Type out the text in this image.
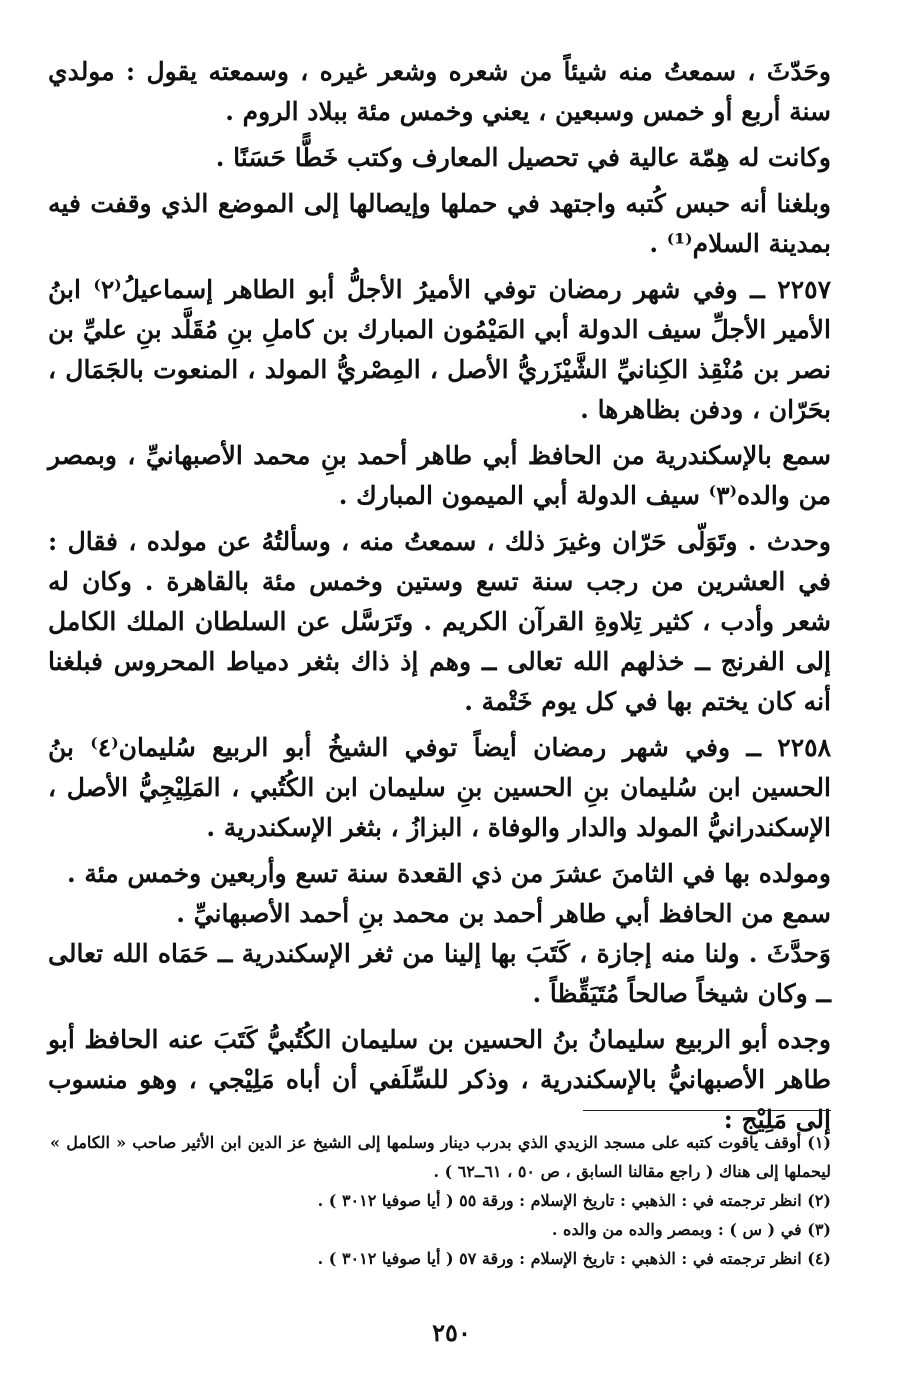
وحَدّثَ ، سمعتُ منه شيئاً من شعره وشعر غيره ، وسمعته يقول : مولدي سنة أربع أو خمس وسبعين ، يعني وخمس مئة ببلاد الروم .

وكانت له هِمّة عالية في تحصيل المعارف وكتب خَطًّا حَسَنًا .

وبلغنا أنه حبس كُتبه واجتهد في حملها وإيصالها إلى الموضع الذي وقفت فيه بمدينة السلام⁽¹⁾ .

٢٢٥٧ ــ وفي شهر رمضان توفي الأميرُ الأجلُّ أبو الطاهر إسماعيلُ⁽٢⁾ ابنُ الأمير الأجلِّ سيف الدولة أبي المَيْمُون المبارك بن كاملِ بنِ مُقَلَّد بنِ عليِّ بن نصر بن مُنْقِذ الكِنانيِّ الشَّيْزَريُّ الأصل ، المِصْريُّ المولد ، المنعوت بالجَمَال ، بحَرّان ، ودفن بظاهرها .

سمع بالإسكندرية من الحافظ أبي طاهر أحمد بنِ محمد الأصبهانيِّ ، وبمصر من والده⁽٣⁾ سيف الدولة أبي الميمون المبارك .

وحدث . وتَوَلّى حَرّان وغيرَ ذلك ، سمعتُ منه ، وسألتُهُ عن مولده ، فقال : في العشرين من رجب سنة تسع وستين وخمس مئة بالقاهرة . وكان له شعر وأدب ، كثير تِلاوةِ القرآن الكريم . وتَرَسَّل عن السلطان الملك الكامل إلى الفرنج ــ خذلهم الله تعالى ــ وهم إذ ذاك بثغر دمياط المحروس فبلغنا أنه كان يختم بها في كل يوم خَتْمة .

٢٢٥٨ ــ وفي شهر رمضان أيضاً توفي الشيخُ أبو الربيع سُليمان⁽٤⁾ بنُ الحسين ابن سُليمان بنِ الحسين بنِ سليمان ابن الكُتُبي ، المَلِيْجِيُّ الأصل ، الإسكندرانيُّ المولد والدار والوفاة ، البزازُ ، بثغر الإسكندرية .

ومولده بها في الثامنَ عشرَ من ذي القعدة سنة تسع وأربعين وخمس مئة .

سمع من الحافظ أبي طاهر أحمد بن محمد بنِ أحمد الأصبهانيِّ .

وَحدَّثَ . ولنا منه إجازة ، كَتَبَ بها إلينا من ثغر الإسكندرية ــ حَمَاه الله تعالى ــ وكان شيخاً صالحاً مُتَيَقِّظاً .

وجده أبو الربيع سليمانُ بنُ الحسين بن سليمان الكُتُبيُّ كَتَبَ عنه الحافظ أبو طاهر الأصبهانيُّ بالإسكندرية ، وذكر للسِّلَفي أن أباه مَلِيْجي ، وهو منسوب إلى مَلِيْج :

(١) أوقف ياقوت كتبه على مسجد الزيدي الذي بدرب دينار وسلمها إلى الشيخ عز الدين ابن الأثير صاحب « الكامل » ليحملها إلى هناك ( راجع مقالنا السابق ، ص ٥٠ ، ٦١ــ٦٢ ) .

(٢) انظر ترجمته في : الذهبي : تاريخ الإسلام : ورقة ٥٥ ( أيا صوفيا ٣٠١٢ ) .

(٣) في ( س ) : وبمصر والده من والده .

(٤) انظر ترجمته في : الذهبي : تاريخ الإسلام : ورقة ٥٧ ( أيا صوفيا ٣٠١٢ ) .

٢٥٠
